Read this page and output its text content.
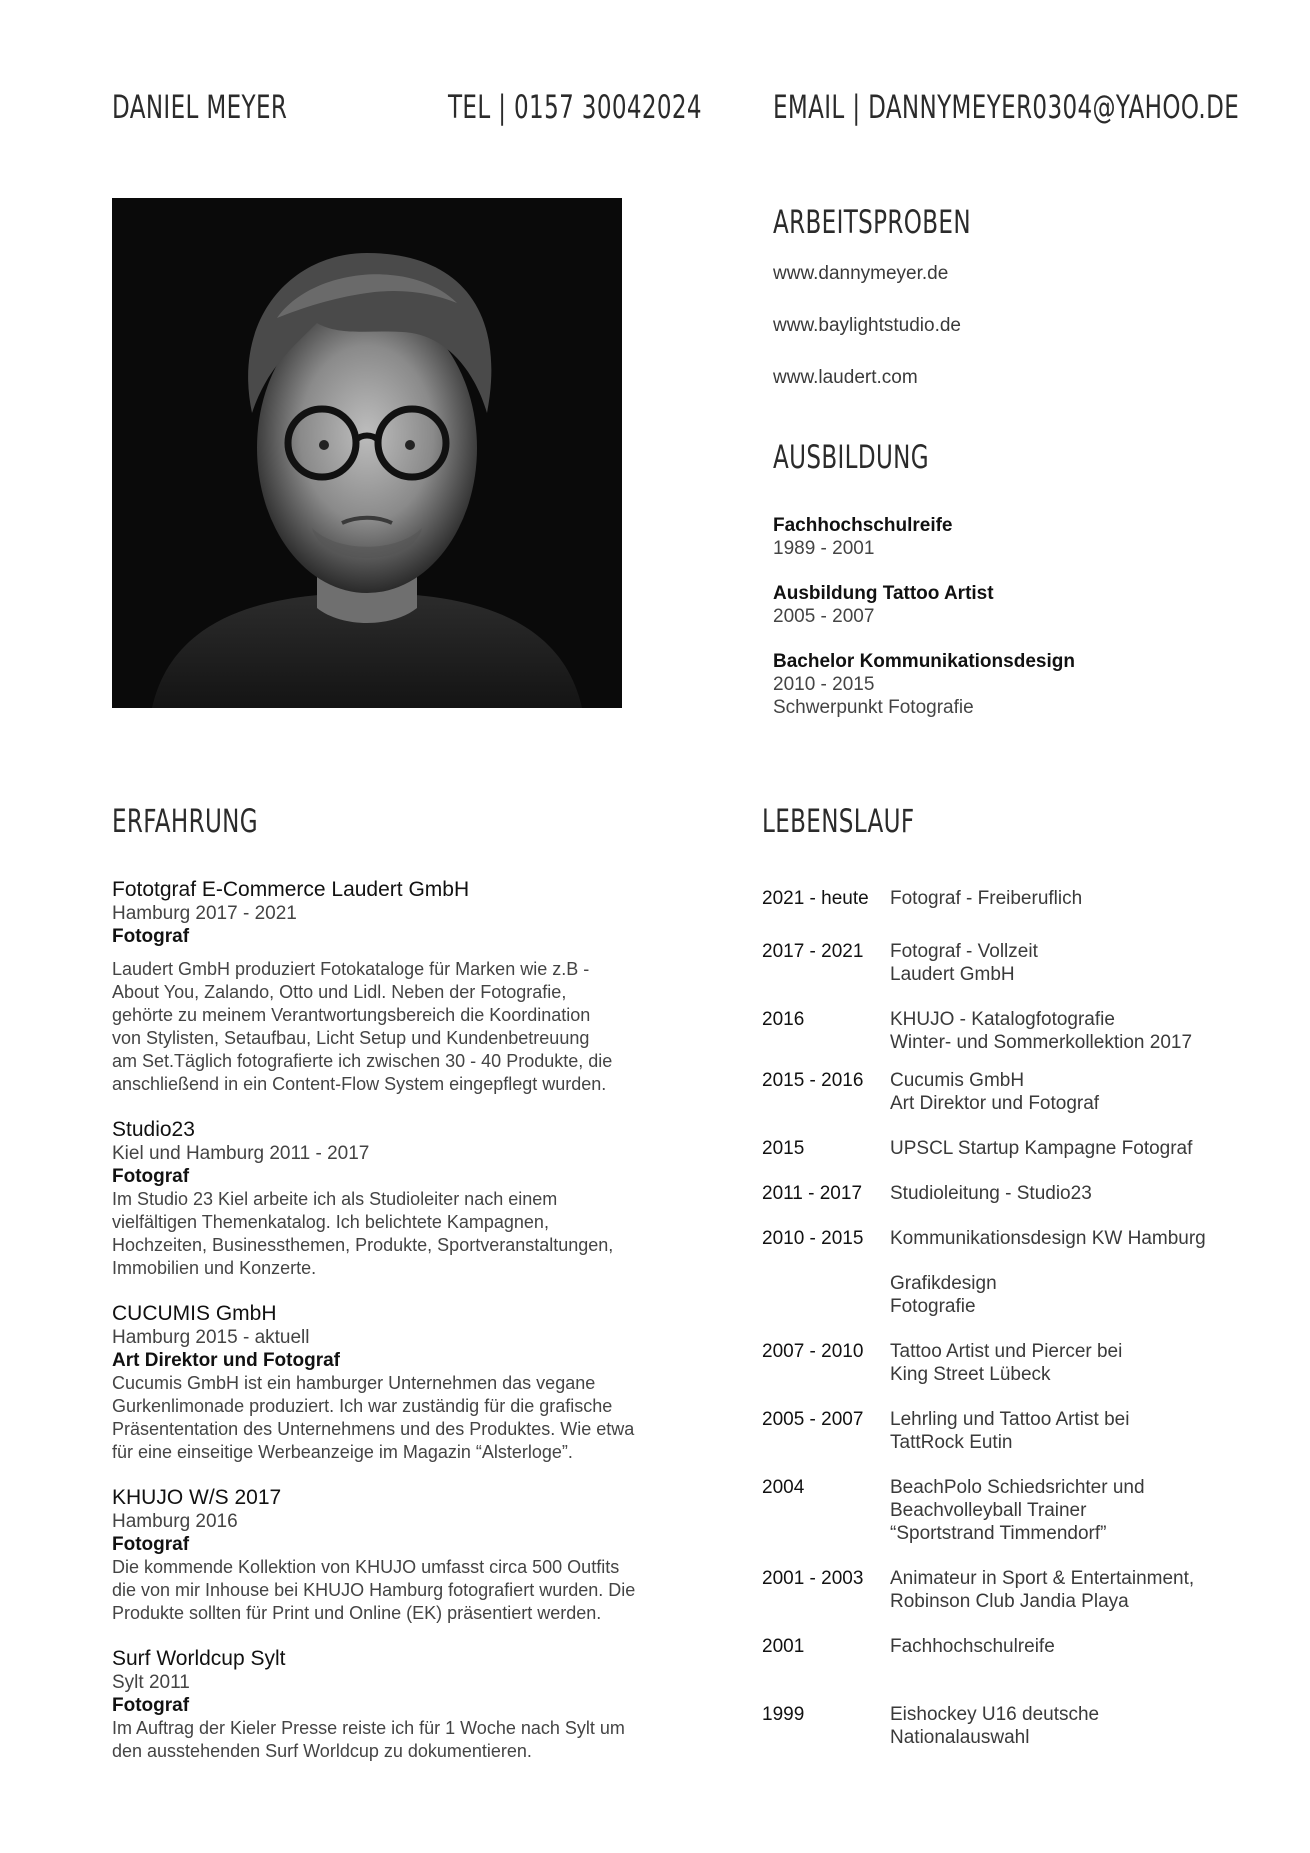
DANIEL MEYER	TEL | 0157 30042024 EMAIL | DANNYMEYER0304@YAHOO.DE
ARBEITSPROBEN
www.dannymeyer.de
www.baylightstudio.de
www.laudert.com
AUSBILDUNG
Fachhochschulreife
1989 - 2001
Ausbildung Tattoo Artist
2005 - 2007
Bachelor Kommunikationsdesign
2010 - 2015
Schwerpunkt Fotografie
ERFAHRUNG
Fototgraf E-Commerce Laudert GmbH
Hamburg 2017 - 2021
Fotograf
Laudert GmbH produziert Fotokataloge für Marken wie z.B -
About You, Zalando, Otto und Lidl. Neben der Fotografie,
gehörte zu meinem Verantwortungsbereich die Koordination
von Stylisten, Setaufbau, Licht Setup und Kundenbetreuung
am Set.Täglich fotografierte ich zwischen 30 - 40 Produkte, die
anschließend in ein Content-Flow System eingepflegt wurden.
Studio23
Kiel und Hamburg 2011 - 2017
Fotograf
Im Studio 23 Kiel arbeite ich als Studioleiter nach einem
vielfältigen Themenkatalog. Ich belichtete Kampagnen,
Hochzeiten, Businessthemen, Produkte, Sportveranstaltungen,
Immobilien und Konzerte.
CUCUMIS GmbH
Hamburg 2015 - aktuell
Art Direktor und Fotograf
Cucumis GmbH ist ein hamburger Unternehmen das vegane
Gurkenlimonade produziert. Ich war zuständig für die grafische
Präsententation des Unternehmens und des Produktes. Wie etwa
für eine einseitige Werbeanzeige im Magazin “Alsterloge”.
KHUJO W/S 2017
Hamburg 2016
Fotograf
Die kommende Kollektion von KHUJO umfasst circa 500 Outfits
die von mir Inhouse bei KHUJO Hamburg fotografiert wurden. Die
Produkte sollten für Print und Online (EK) präsentiert werden.
Surf Worldcup Sylt
Sylt 2011
Fotograf
Im Auftrag der Kieler Presse reiste ich für 1 Woche nach Sylt um
den ausstehenden Surf Worldcup zu dokumentieren.
LEBENSLAUF
2021 - heute Fotograf - Freiberuflich
2017 - 2021 Fotograf - Vollzeit
Laudert GmbH
2016	KHUJO - Katalogfotografie
Winter- und Sommerkollektion 2017
2015 - 2016 Cucumis GmbH
Art Direktor und Fotograf
2015	UPSCL Startup Kampagne Fotograf
2011 - 2017 Studioleitung - Studio23
2010 - 2015 Kommunikationsdesign KW Hamburg
Grafikdesign
Fotografie
2007 - 2010 Tattoo Artist und Piercer bei
King Street Lübeck
2005 - 2007 Lehrling und Tattoo Artist bei
TattRock Eutin
2004	BeachPolo Schiedsrichter und
Beachvolleyball Trainer
“Sportstrand Timmendorf”
2001 - 2003 Animateur in Sport & Entertainment,
Robinson Club Jandia Playa
2001	Fachhochschulreife
1999	Eishockey U16 deutsche
Nationalauswahl
